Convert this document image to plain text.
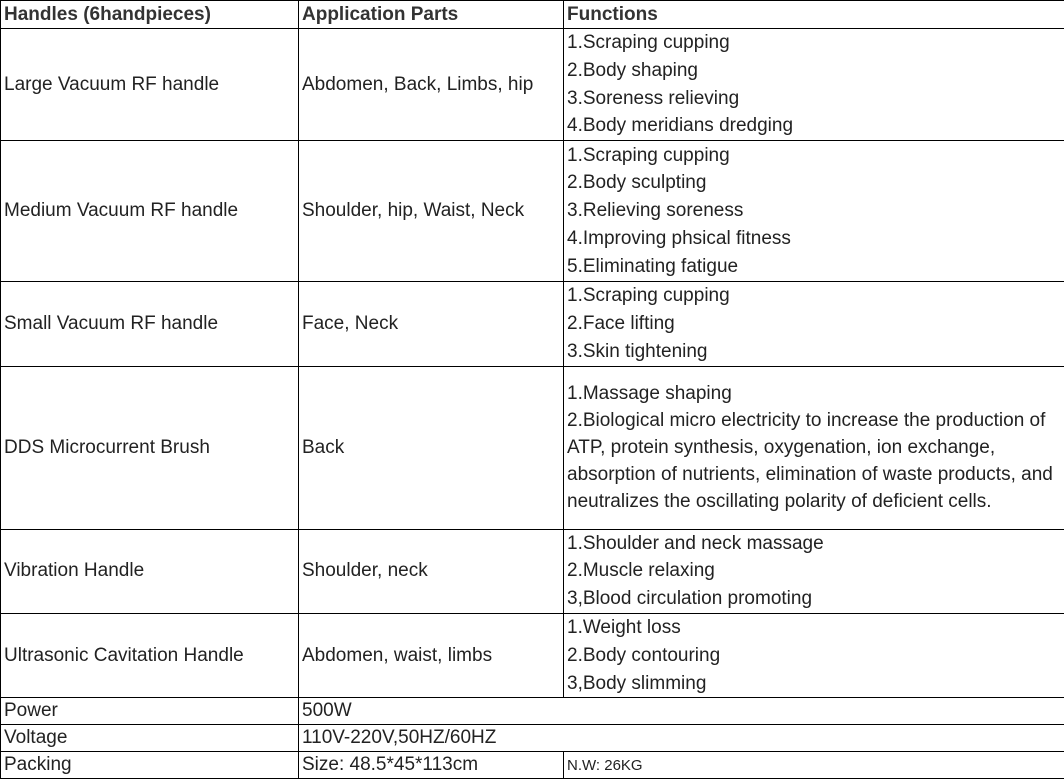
Handles (6handpieces)	Application Parts	Functions
Large Vacuum RF handle	Abdomen, Back, Limbs, hip	1.Scraping cupping
2.Body shaping
3.Soreness relieving
4.Body meridians dredging

Medium Vacuum RF handle	Shoulder, hip, Waist, Neck	1.Scraping cupping
2.Body sculpting
3.Relieving soreness
4.Improving phsical fitness
5.Eliminating fatigue

Small Vacuum RF handle	Face, Neck	1.Scraping cupping
2.Face lifting
3.Skin tightening

DDS Microcurrent Brush	Back	1.Massage shaping
2.Biological micro electricity to increase the production of ATP, protein synthesis, oxygenation, ion exchange, absorption of nutrients, elimination of waste products, and neutralizes the oscillating polarity of deficient cells.

Vibration Handle	Shoulder, neck	1.Shoulder and neck massage
2.Muscle relaxing
3,Blood circulation promoting

Ultrasonic Cavitation Handle	Abdomen, waist, limbs	1.Weight loss
2.Body contouring
3,Body slimming

Power	500W	
Voltage	110V-220V,50HZ/60HZ	
Packing	Size: 48.5*45*113cm	N.W: 26KG
